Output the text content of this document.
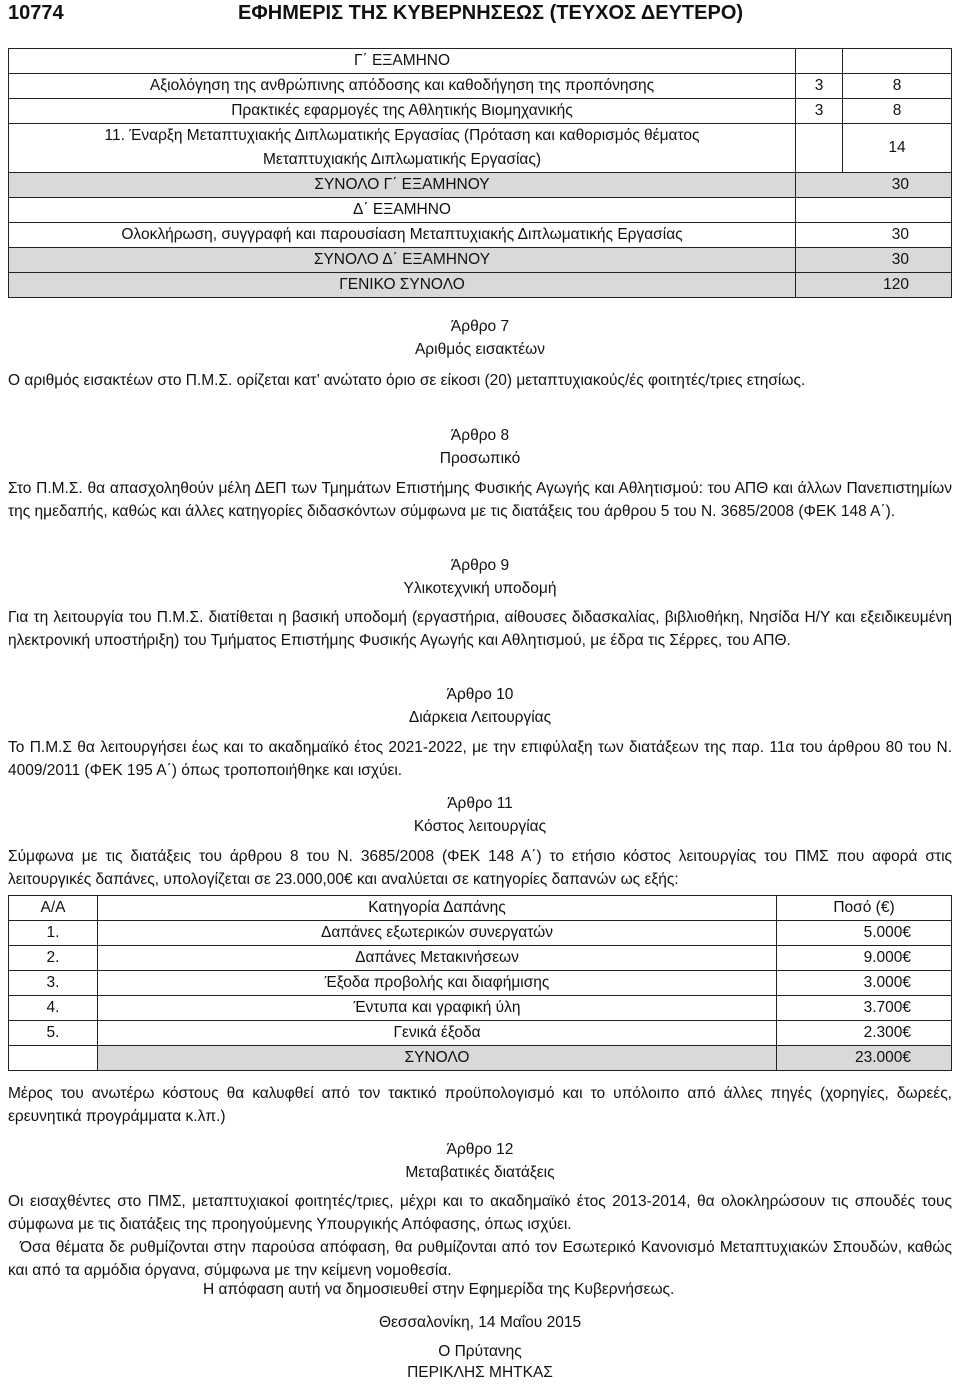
10774	ΕΦΗΜΕΡΙΣ ΤΗΣ ΚΥΒΕΡΝΗΣΕΩΣ (ΤΕΥΧΟΣ ΔΕΥΤΕΡΟ)
Γ΄ ΕΞΑΜΗΝΟ		
Αξιολόγηση της ανθρώπινης απόδοσης και καθοδήγηση της προπόνησης	3	8
Πρακτικές εφαρμογές της Αθλητικής Βιομηχανικής	3	8

11. Έναρξη Μεταπτυχιακής Διπλωματικής Εργασίας (Πρόταση και καθορισμός θέματος
Μεταπτυχιακής Διπλωματικής Εργασίας)		14
ΣΥΝΟΛΟ Γ΄ ΕΞΑΜΗΝΟΥ	30	
Δ΄ ΕΞΑΜΗΝΟ		
Ολοκλήρωση, συγγραφή και παρουσίαση Μεταπτυχιακής Διπλωματικής Εργασίας	30	
ΣΥΝΟΛΟ Δ΄ ΕΞΑΜΗΝΟΥ	30	
ΓΕΝΙΚΟ ΣΥΝΟΛΟ	120	
Άρθρο 7
Αριθμός εισακτέων
Ο αριθμός εισακτέων στο Π.Μ.Σ. ορίζεται κατ’ ανώτατο όριο σε είκοσι (20) μεταπτυχιακούς/ές φοιτητές/τριες ετησίως.
Άρθρο 8
Προσωπικό
Στο Π.Μ.Σ. θα απασχοληθούν μέλη ΔΕΠ των Τμημάτων Επιστήμης Φυσικής Αγωγής και Αθλητισμού: του ΑΠΘ και άλλων Πανεπιστημίων της ημεδαπής, καθώς και άλλες κατηγορίες διδασκόντων σύμφωνα με τις διατάξεις του άρθρου 5 του Ν. 3685/2008 (ΦΕΚ 148 Α΄).
Άρθρο 9
Υλικοτεχνική υποδομή
Για τη λειτουργία του Π.Μ.Σ. διατίθεται η βασική υποδομή (εργαστήρια, αίθουσες διδασκαλίας, βιβλιοθήκη, Νησίδα Η/Υ και εξειδικευμένη ηλεκτρονική υποστήριξη) του Τμήματος Επιστήμης Φυσικής Αγωγής και Αθλητισμού, με έδρα τις Σέρρες, του ΑΠΘ.
Άρθρο 10
Διάρκεια Λειτουργίας
Το Π.Μ.Σ θα λειτουργήσει έως και το ακαδημαϊκό έτος 2021-2022, με την επιφύλαξη των διατάξεων της παρ. 11α του άρθρου 80 του Ν. 4009/2011 (ΦΕΚ 195 Α΄) όπως τροποποιήθηκε και ισχύει.
Άρθρο 11
Κόστος λειτουργίας
Σύμφωνα με τις διατάξεις του άρθρου 8 του Ν. 3685/2008 (ΦΕΚ 148 Α΄) το ετήσιο κόστος λειτουργίας του ΠΜΣ που αφορά στις λειτουργικές δαπάνες, υπολογίζεται σε 23.000,00€ και αναλύεται σε κατηγορίες δαπανών ως εξής:
Α/Α	Κατηγορία Δαπάνης	Ποσό (€)
1.	Δαπάνες εξωτερικών συνεργατών	5.000€
2.	Δαπάνες Μετακινήσεων	9.000€
3.	Έξοδα προβολής και διαφήμισης	3.000€
4.	Έντυπα και γραφική ύλη	3.700€
5.	Γενικά έξοδα	2.300€
	ΣΥΝΟΛΟ	23.000€
Μέρος του ανωτέρω κόστους θα καλυφθεί από τον τακτικό προϋπολογισμό και το υπόλοιπο από άλλες πηγές (χορηγίες, δωρεές, ερευνητικά προγράμματα κ.λπ.)
Άρθρο 12
Μεταβατικές διατάξεις
Οι εισαχθέντες στο ΠΜΣ, μεταπτυχιακοί φοιτητές/τριες, μέχρι και το ακαδημαϊκό έτος 2013-2014, θα ολοκληρώσουν τις σπουδές τους σύμφωνα με τις διατάξεις της προηγούμενης Υπουργικής Απόφασης, όπως ισχύει.
Όσα θέματα δε ρυθμίζονται στην παρούσα απόφαση, θα ρυθμίζονται από τον Εσωτερικό Κανονισμό Μεταπτυχιακών Σπουδών, καθώς και από τα αρμόδια όργανα, σύμφωνα με την κείμενη νομοθεσία.
Η απόφαση αυτή να δημοσιευθεί στην Εφημερίδα της Κυβερνήσεως.
Θεσσαλονίκη, 14 Μαΐου 2015
Ο Πρύτανης
ΠΕΡΙΚΛΗΣ ΜΗΤΚΑΣ
